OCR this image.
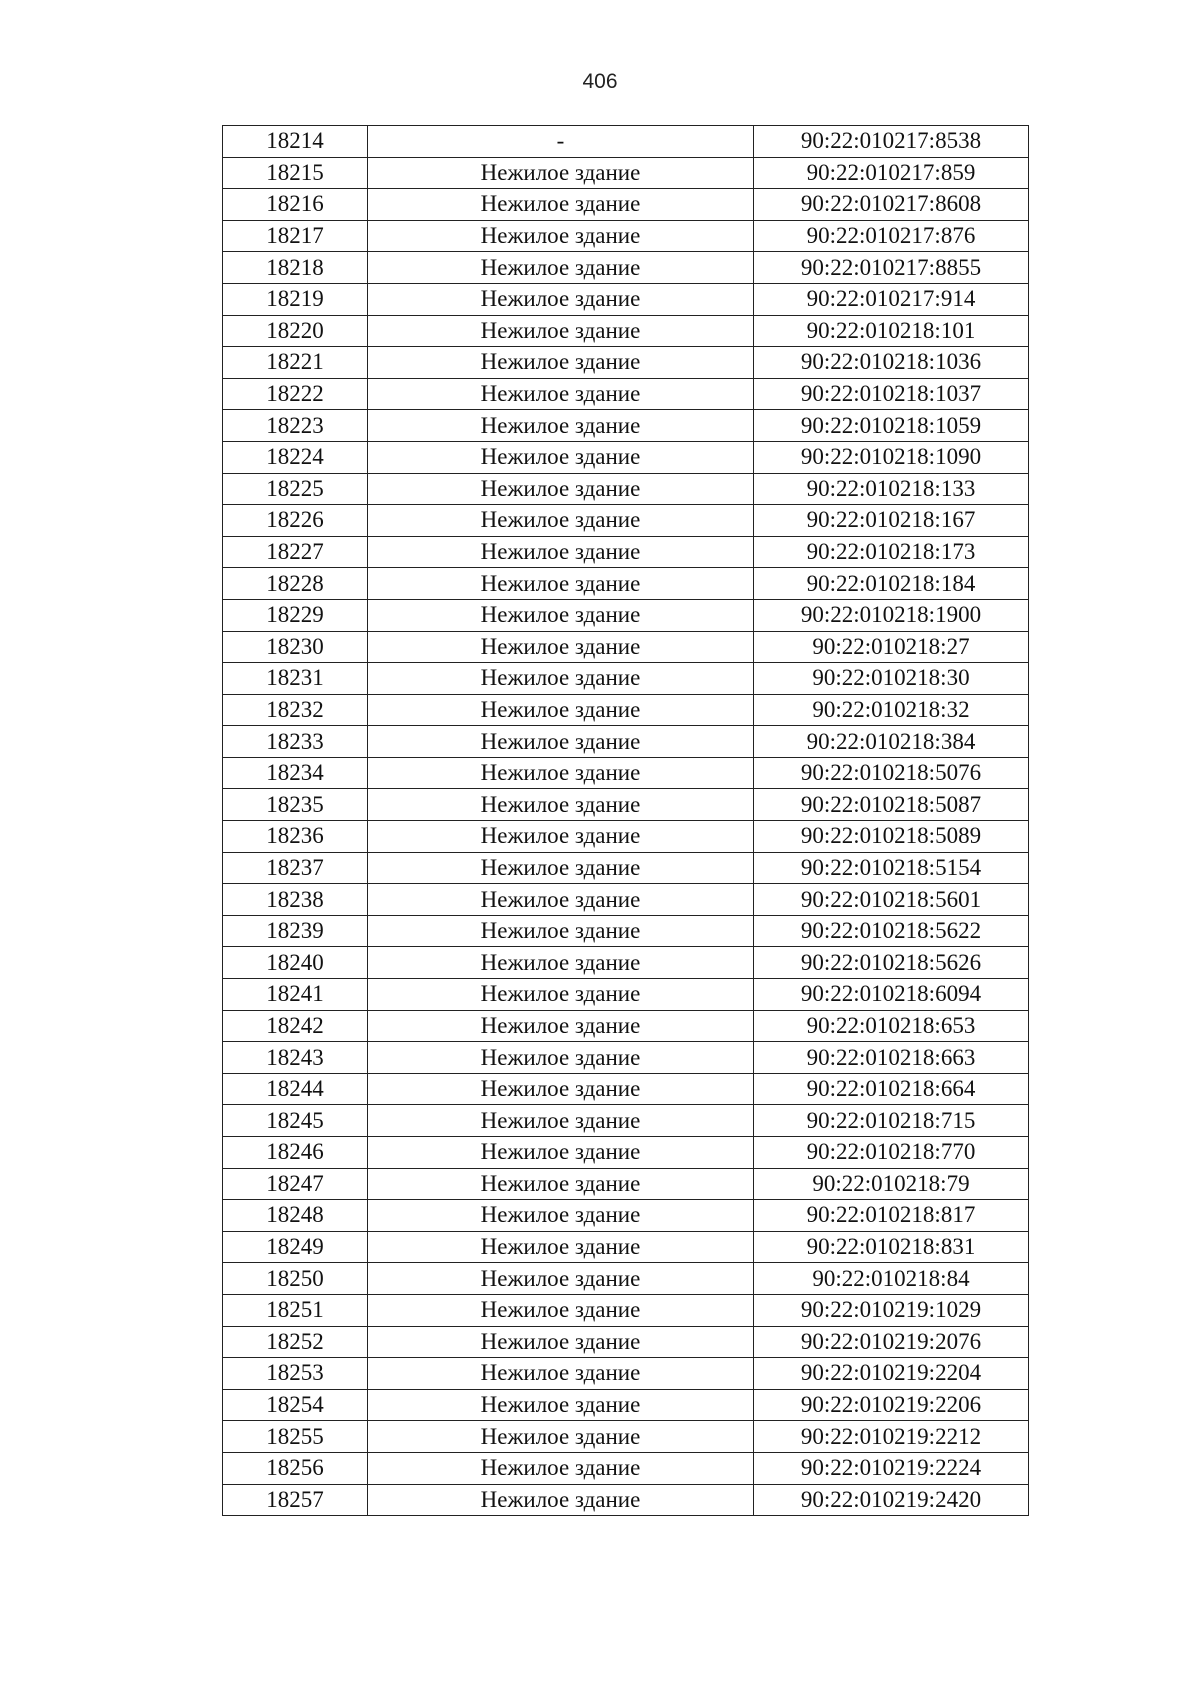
406
18214	-	90:22:010217:8538
18215	Нежилое здание	90:22:010217:859
18216	Нежилое здание	90:22:010217:8608
18217	Нежилое здание	90:22:010217:876
18218	Нежилое здание	90:22:010217:8855
18219	Нежилое здание	90:22:010217:914
18220	Нежилое здание	90:22:010218:101
18221	Нежилое здание	90:22:010218:1036
18222	Нежилое здание	90:22:010218:1037
18223	Нежилое здание	90:22:010218:1059
18224	Нежилое здание	90:22:010218:1090
18225	Нежилое здание	90:22:010218:133
18226	Нежилое здание	90:22:010218:167
18227	Нежилое здание	90:22:010218:173
18228	Нежилое здание	90:22:010218:184
18229	Нежилое здание	90:22:010218:1900
18230	Нежилое здание	90:22:010218:27
18231	Нежилое здание	90:22:010218:30
18232	Нежилое здание	90:22:010218:32
18233	Нежилое здание	90:22:010218:384
18234	Нежилое здание	90:22:010218:5076
18235	Нежилое здание	90:22:010218:5087
18236	Нежилое здание	90:22:010218:5089
18237	Нежилое здание	90:22:010218:5154
18238	Нежилое здание	90:22:010218:5601
18239	Нежилое здание	90:22:010218:5622
18240	Нежилое здание	90:22:010218:5626
18241	Нежилое здание	90:22:010218:6094
18242	Нежилое здание	90:22:010218:653
18243	Нежилое здание	90:22:010218:663
18244	Нежилое здание	90:22:010218:664
18245	Нежилое здание	90:22:010218:715
18246	Нежилое здание	90:22:010218:770
18247	Нежилое здание	90:22:010218:79
18248	Нежилое здание	90:22:010218:817
18249	Нежилое здание	90:22:010218:831
18250	Нежилое здание	90:22:010218:84
18251	Нежилое здание	90:22:010219:1029
18252	Нежилое здание	90:22:010219:2076
18253	Нежилое здание	90:22:010219:2204
18254	Нежилое здание	90:22:010219:2206
18255	Нежилое здание	90:22:010219:2212
18256	Нежилое здание	90:22:010219:2224
18257	Нежилое здание	90:22:010219:2420
